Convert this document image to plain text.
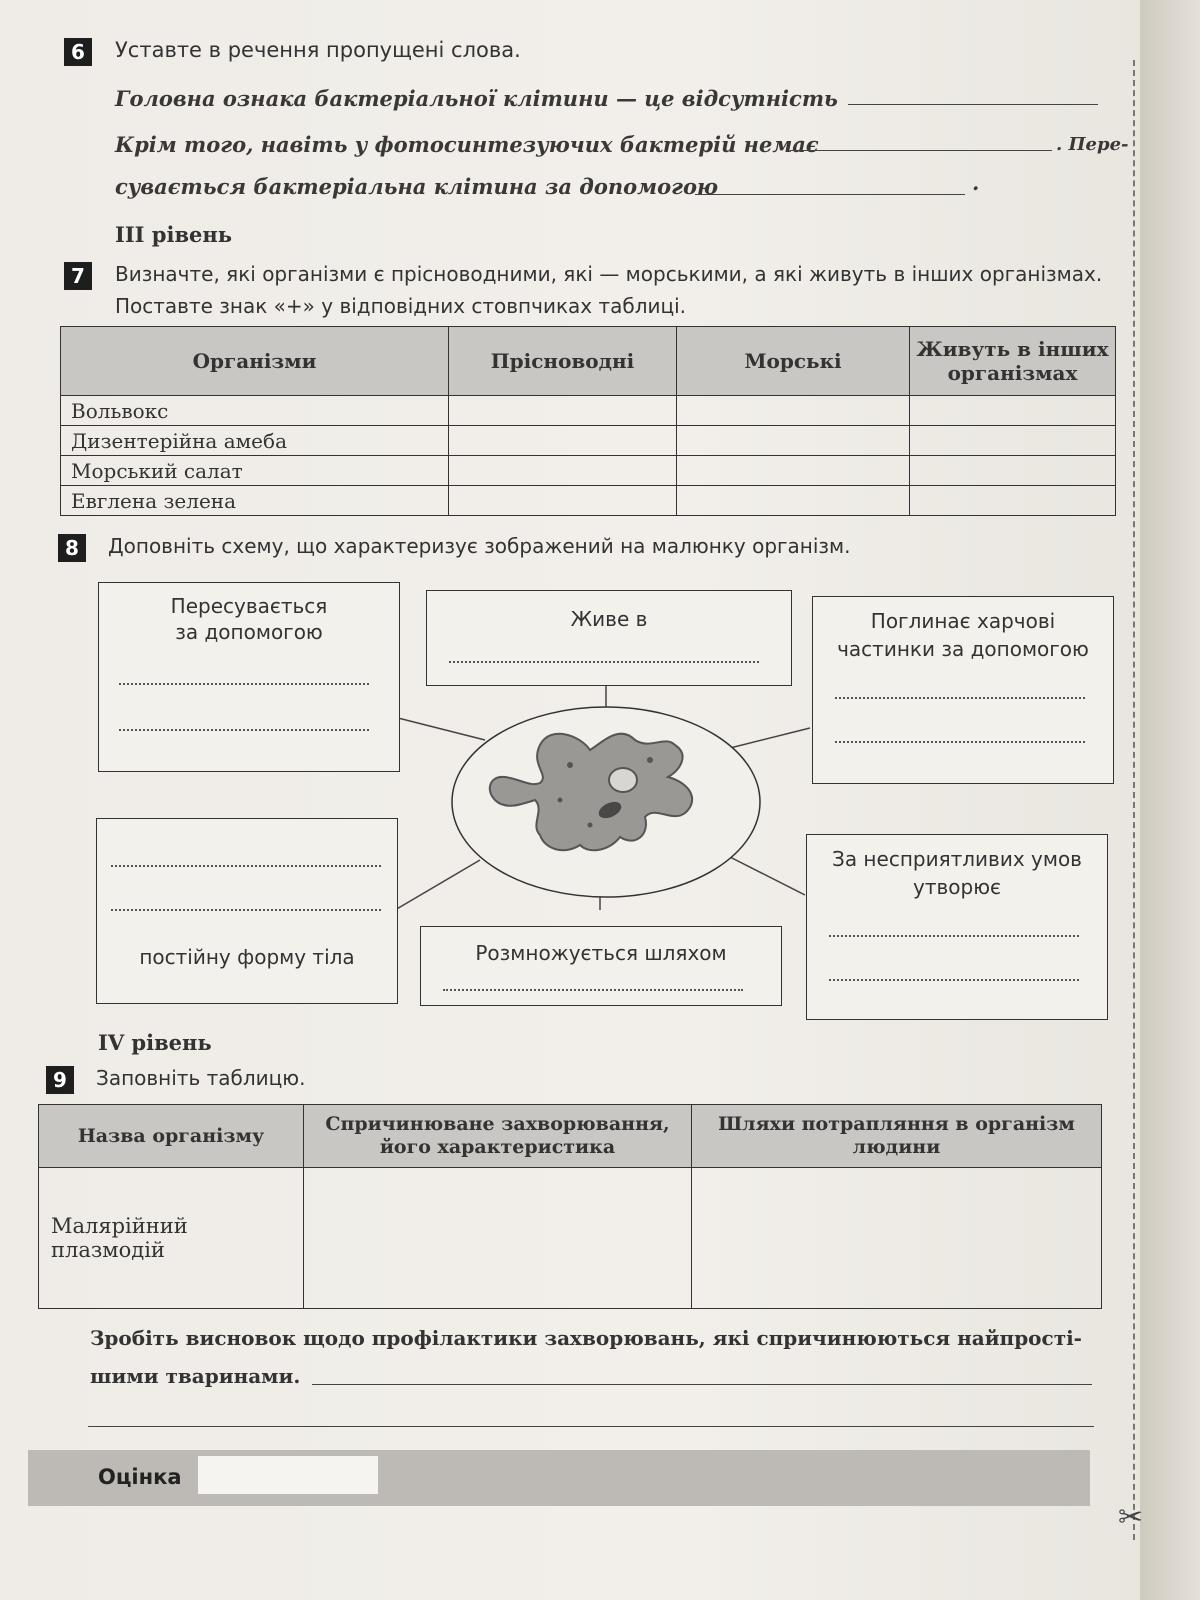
6	Уставте в речення пропущені слова.
Головна ознака бактеріальної клітини — це відсутність
Крім того, навіть у фотосинтезуючих бактерій немає	. Пере-
сувається бактеріальна клітина за допомогою	.
III рівень
7	Визначте, які організми є прісноводними, які — морськими, а які живуть в інших організмах.
Поставте знак «+» у відповідних стовпчиках таблиці.
Організми	Прісноводні	Морські	Живуть в інших організмах
Вольвокс			
Дизентерійна амеба			
Морський салат			
Евглена зелена			
8	Доповніть схему, що характеризує зображений на малюнку організм.
Пересувається
за допомогою
Живе в	Поглинає харчові
частинки за допомогою
постійну форму тіла	Розмножується шляхом
За несприятливих умов
утворює
IV рівень
9	Заповніть таблицю.
Назва організму	Спричинюване захворювання, його характеристика	Шляхи потрапляння в організм людини
Малярійний плазмодій		
Зробіть висновок щодо профілактики захворювань, які спричинюються найпрості-
шими тваринами.
Оцінка
✂
